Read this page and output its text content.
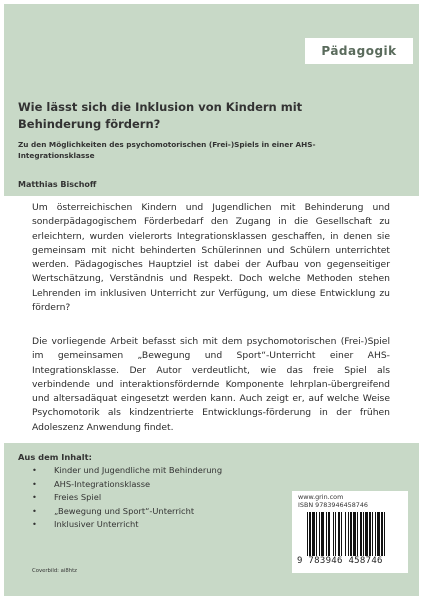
Pädagogik
Wie lässt sich die Inklusion von Kindern mit Behinderung fördern?
Zu den Möglichkeiten des psychomotorischen (Frei-)Spiels in einer AHS-Integrationsklasse
Matthias Bischoff

Um österreichischen Kindern und Jugendlichen mit Behinderung und sonderpädagogischem Förderbedarf den Zugang in die Gesellschaft zu erleichtern, wurden vielerorts Integrationsklassen geschaffen, in denen sie gemeinsam mit nicht behinderten Schülerinnen und Schülern unterrichtet werden. Pädagogisches Hauptziel ist dabei der Aufbau von gegenseitiger Wertschätzung, Verständnis und Respekt. Doch welche Methoden stehen Lehrenden im inklusiven Unterricht zur Verfügung, um diese Entwicklung zu fördern?

Die vorliegende Arbeit befasst sich mit dem psychomotorischen (Frei-)Spiel im gemeinsamen „Bewegung und Sport“-Unterricht einer AHS-Integrationsklasse. Der Autor verdeutlicht, wie das freie Spiel als verbindende und interaktionsfördernde Komponente lehrplan-übergreifend und altersadäquat eingesetzt werden kann. Auch zeigt er, auf welche Weise Psychomotorik als kindzentrierte Entwicklungs-förderung in der frühen Adoleszenz Anwendung findet.

Aus dem Inhalt:
• Kinder und Jugendliche mit Behinderung
• AHS-Integrationsklasse
• Freies Spiel
• „Bewegung und Sport“-Unterricht
• Inklusiver Unterricht
Coverbild: ai8htz
www.grin.com
ISBN 9783946458746
9 783946 458746
